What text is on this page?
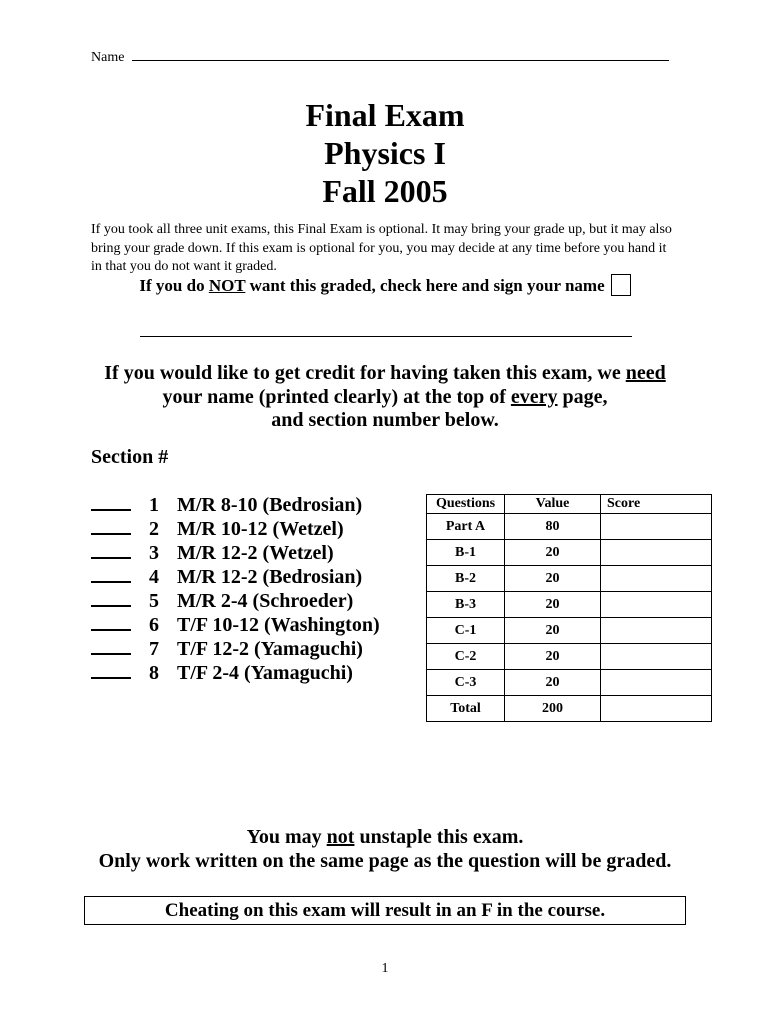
Name
Final Exam
Physics I
Fall 2005
If you took all three unit exams, this Final Exam is optional. It may bring your grade up, but it may also bring your grade down. If this exam is optional for you, you may decide at any time before you hand it in that you do not want it graded.
If you do NOT want this graded, check here and sign your name
If you would like to get credit for having taken this exam, we need
your name (printed clearly) at the top of every page,
and section number below.
Section #
1 M/R 8-10 (Bedrosian)
2 M/R 10-12 (Wetzel)
3 M/R 12-2 (Wetzel)
4 M/R 12-2 (Bedrosian)
5 M/R 2-4 (Schroeder)
6 T/F 10-12 (Washington)
7 T/F 12-2 (Yamaguchi)
8 T/F 2-4 (Yamaguchi)
Questions	Value	Score
Part A	80	
B-1	20	
B-2	20	
B-3	20	
C-1	20	
C-2	20	
C-3	20	
Total	200	
You may not unstaple this exam.
Only work written on the same page as the question will be graded.
Cheating on this exam will result in an F in the course.
1
